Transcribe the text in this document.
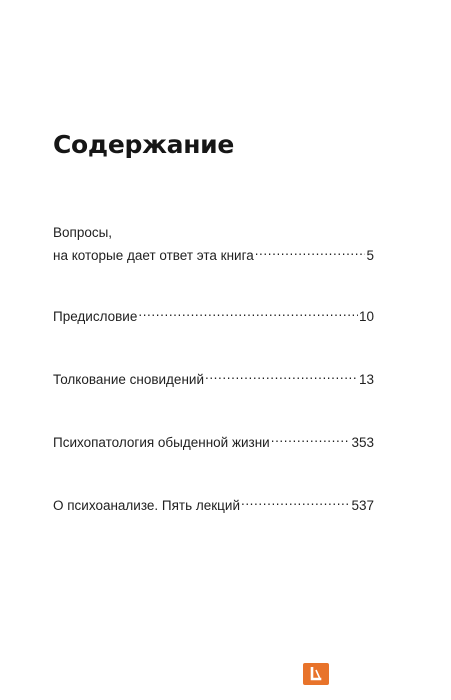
Содержание
Вопросы,
на которые дает ответ эта книга .....	5
Предисловие .....	10
Толкование сновидений .....	13
Психопатология обыденной жизни .....	353
О психоанализе. Пять лекций .....	537
